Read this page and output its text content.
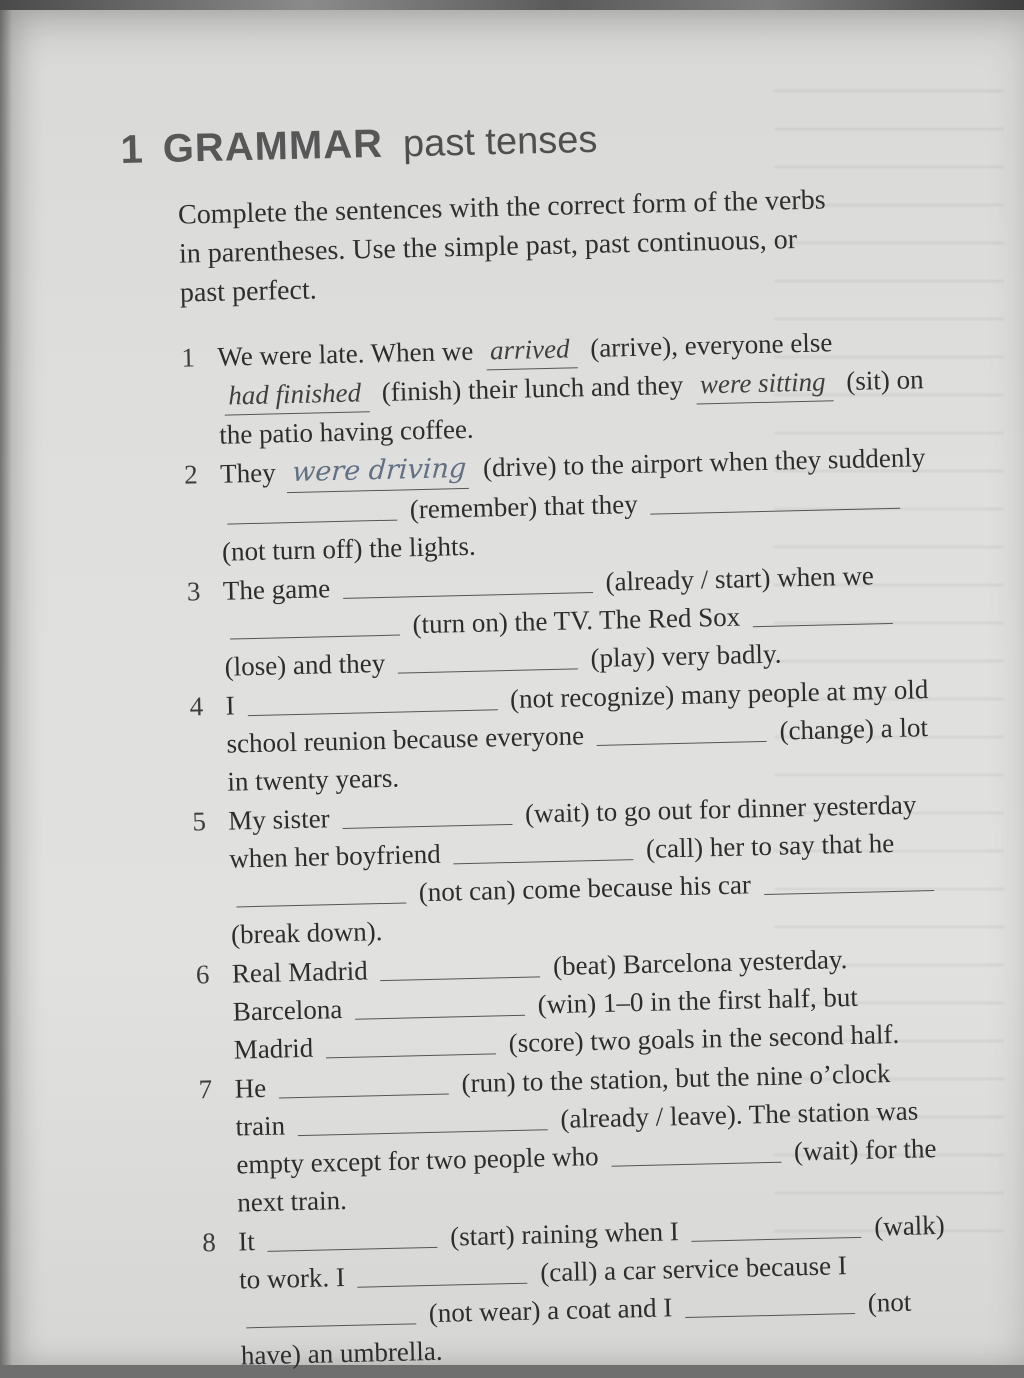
1 GRAMMAR past tenses
Complete the sentences with the correct form of the verbs in parentheses. Use the simple past, past continuous, or past perfect.
1 We were late. When we arrived (arrive), everyone else had finished (finish) their lunch and they were sitting (sit) on the patio having coffee.
2 They were driving (drive) to the airport when they suddenly  (remember) that they  (not turn off) the lights.
3 The game	(already / start) when we  (turn on) the TV. The Red Sox  (lose) and they	(play) very badly.
4 I	(not recognize) many people at my old school reunion because everyone	(change) a lot in twenty years.
5 My sister	(wait) to go out for dinner yesterday when her boyfriend	(call) her to say that he  (not can) come because his car  (break down).
6 Real Madrid	(beat) Barcelona yesterday. Barcelona	(win) 1–0 in the first half, but Madrid	(score) two goals in the second half.
7 He	(run) to the station, but the nine o’clock train	(already / leave). The station was empty except for two people who	(wait) for the next train.
8 It	(start) raining when I	(walk) to work. I	(call) a car service because I  (not wear) a coat and I	(not have) an umbrella.
